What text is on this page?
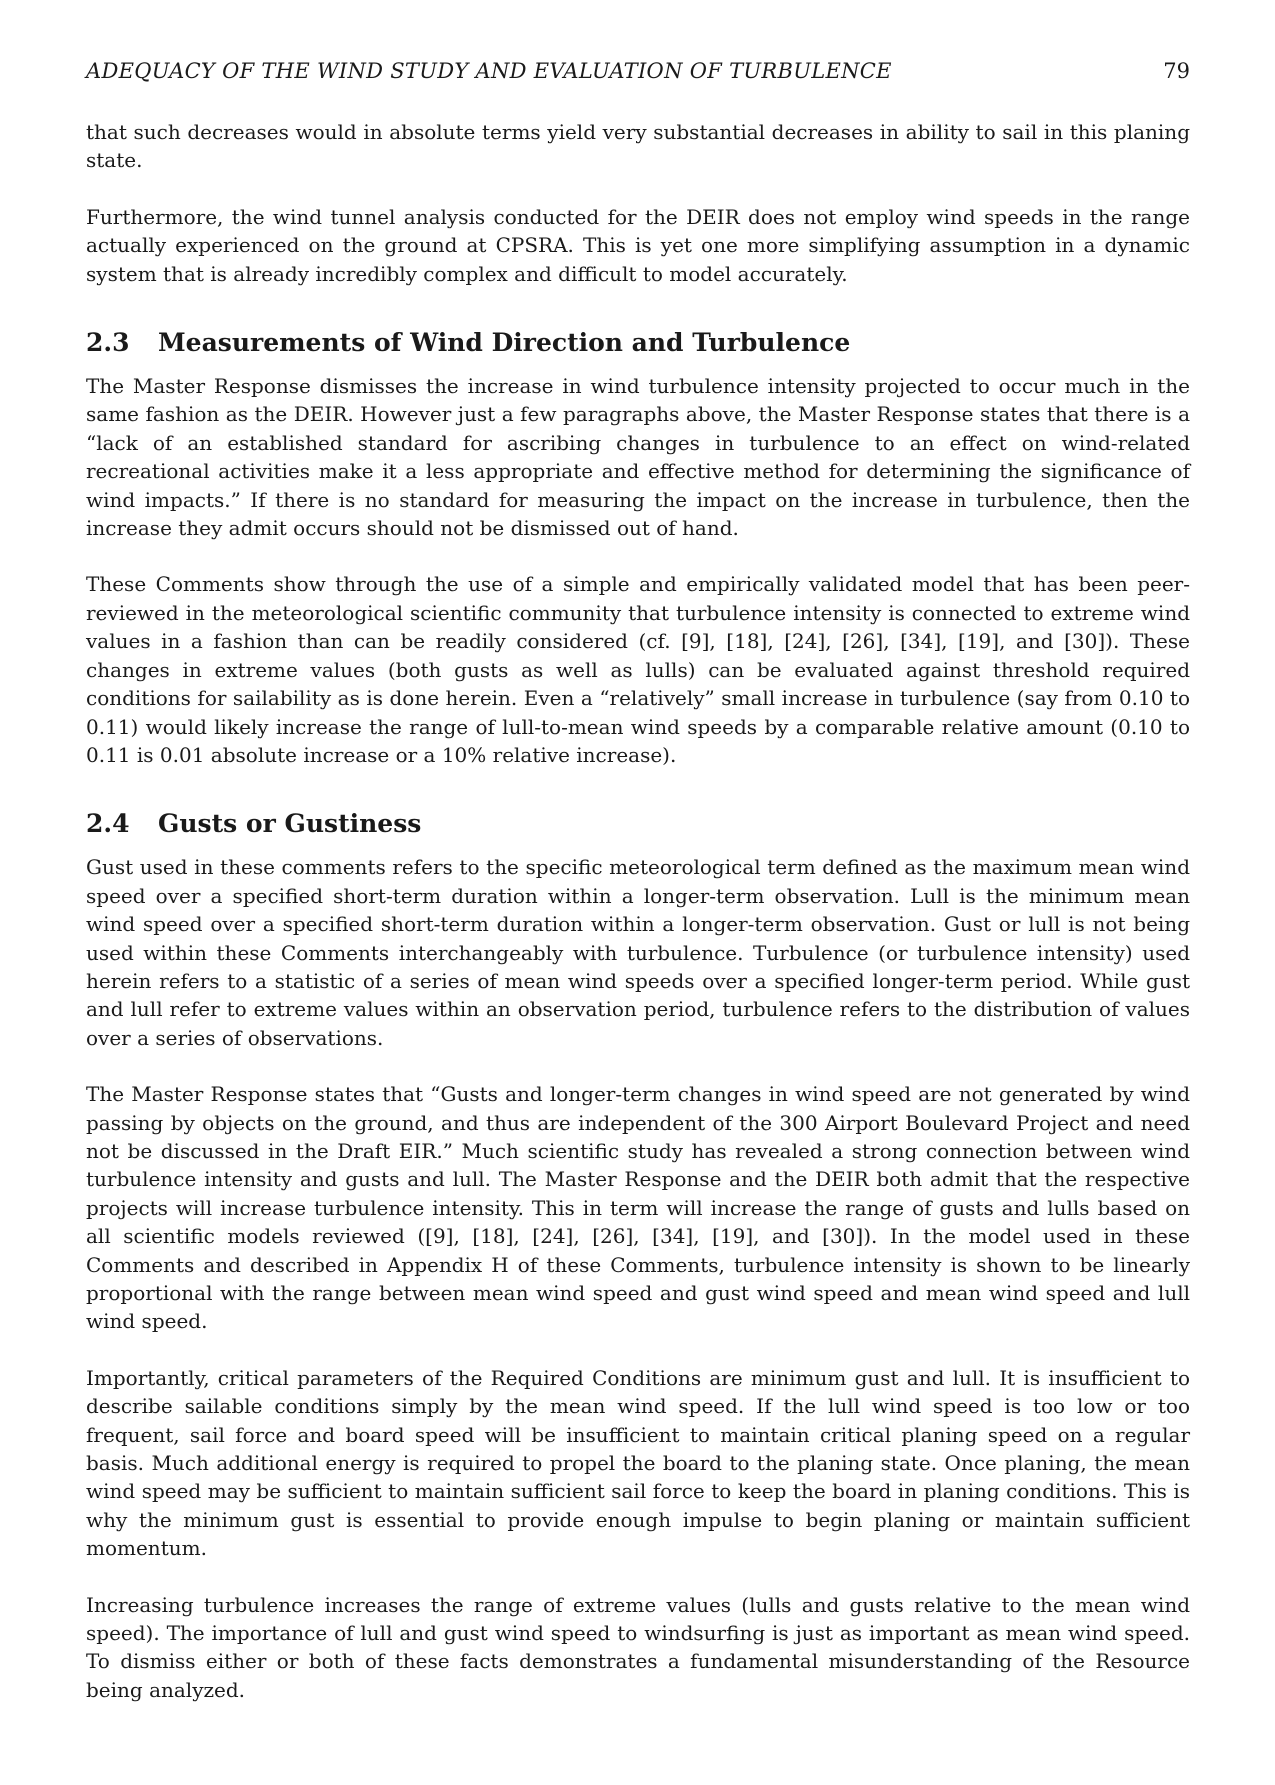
ADEQUACY OF THE WIND STUDY AND EVALUATION OF TURBULENCE	79

that such decreases would in absolute terms yield very substantial decreases in ability to sail in this planing state.

Furthermore, the wind tunnel analysis conducted for the DEIR does not employ wind speeds in the range actually experienced on the ground at CPSRA. This is yet one more simplifying assumption in a dynamic system that is already incredibly complex and difficult to model accurately.

2.3 Measurements of Wind Direction and Turbulence

The Master Response dismisses the increase in wind turbulence intensity projected to occur much in the same fashion as the DEIR. However just a few paragraphs above, the Master Response states that there is a “lack of an established standard for ascribing changes in turbulence to an effect on wind-related recreational activities make it a less appropriate and effective method for determining the significance of wind impacts.” If there is no standard for measuring the impact on the increase in turbulence, then the increase they admit occurs should not be dismissed out of hand.

These Comments show through the use of a simple and empirically validated model that has been peer-reviewed in the meteorological scientific community that turbulence intensity is connected to extreme wind values in a fashion than can be readily considered (cf. [9], [18], [24], [26], [34], [19], and [30]). These changes in extreme values (both gusts as well as lulls) can be evaluated against threshold required conditions for sailability as is done herein. Even a “relatively” small increase in turbulence (say from 0.10 to 0.11) would likely increase the range of lull-to-mean wind speeds by a comparable relative amount (0.10 to 0.11 is 0.01 absolute increase or a 10% relative increase).

2.4 Gusts or Gustiness

Gust used in these comments refers to the specific meteorological term defined as the maximum mean wind speed over a specified short-term duration within a longer-term observation. Lull is the minimum mean wind speed over a specified short-term duration within a longer-term observation. Gust or lull is not being used within these Comments interchangeably with turbulence. Turbulence (or turbulence intensity) used herein refers to a statistic of a series of mean wind speeds over a specified longer-term period. While gust and lull refer to extreme values within an observation period, turbulence refers to the distribution of values over a series of observations.

The Master Response states that “Gusts and longer-term changes in wind speed are not generated by wind passing by objects on the ground, and thus are independent of the 300 Airport Boulevard Project and need not be discussed in the Draft EIR.” Much scientific study has revealed a strong connection between wind turbulence intensity and gusts and lull. The Master Response and the DEIR both admit that the respective projects will increase turbulence intensity. This in term will increase the range of gusts and lulls based on all scientific models reviewed ([9], [18], [24], [26], [34], [19], and [30]). In the model used in these Comments and described in Appendix H of these Comments, turbulence intensity is shown to be linearly proportional with the range between mean wind speed and gust wind speed and mean wind speed and lull wind speed.

Importantly, critical parameters of the Required Conditions are minimum gust and lull. It is insufficient to describe sailable conditions simply by the mean wind speed. If the lull wind speed is too low or too frequent, sail force and board speed will be insufficient to maintain critical planing speed on a regular basis. Much additional energy is required to propel the board to the planing state. Once planing, the mean wind speed may be sufficient to maintain sufficient sail force to keep the board in planing conditions. This is why the minimum gust is essential to provide enough impulse to begin planing or maintain sufficient momentum.

Increasing turbulence increases the range of extreme values (lulls and gusts relative to the mean wind speed). The importance of lull and gust wind speed to windsurfing is just as important as mean wind speed. To dismiss either or both of these facts demonstrates a fundamental misunderstanding of the Resource being analyzed.
